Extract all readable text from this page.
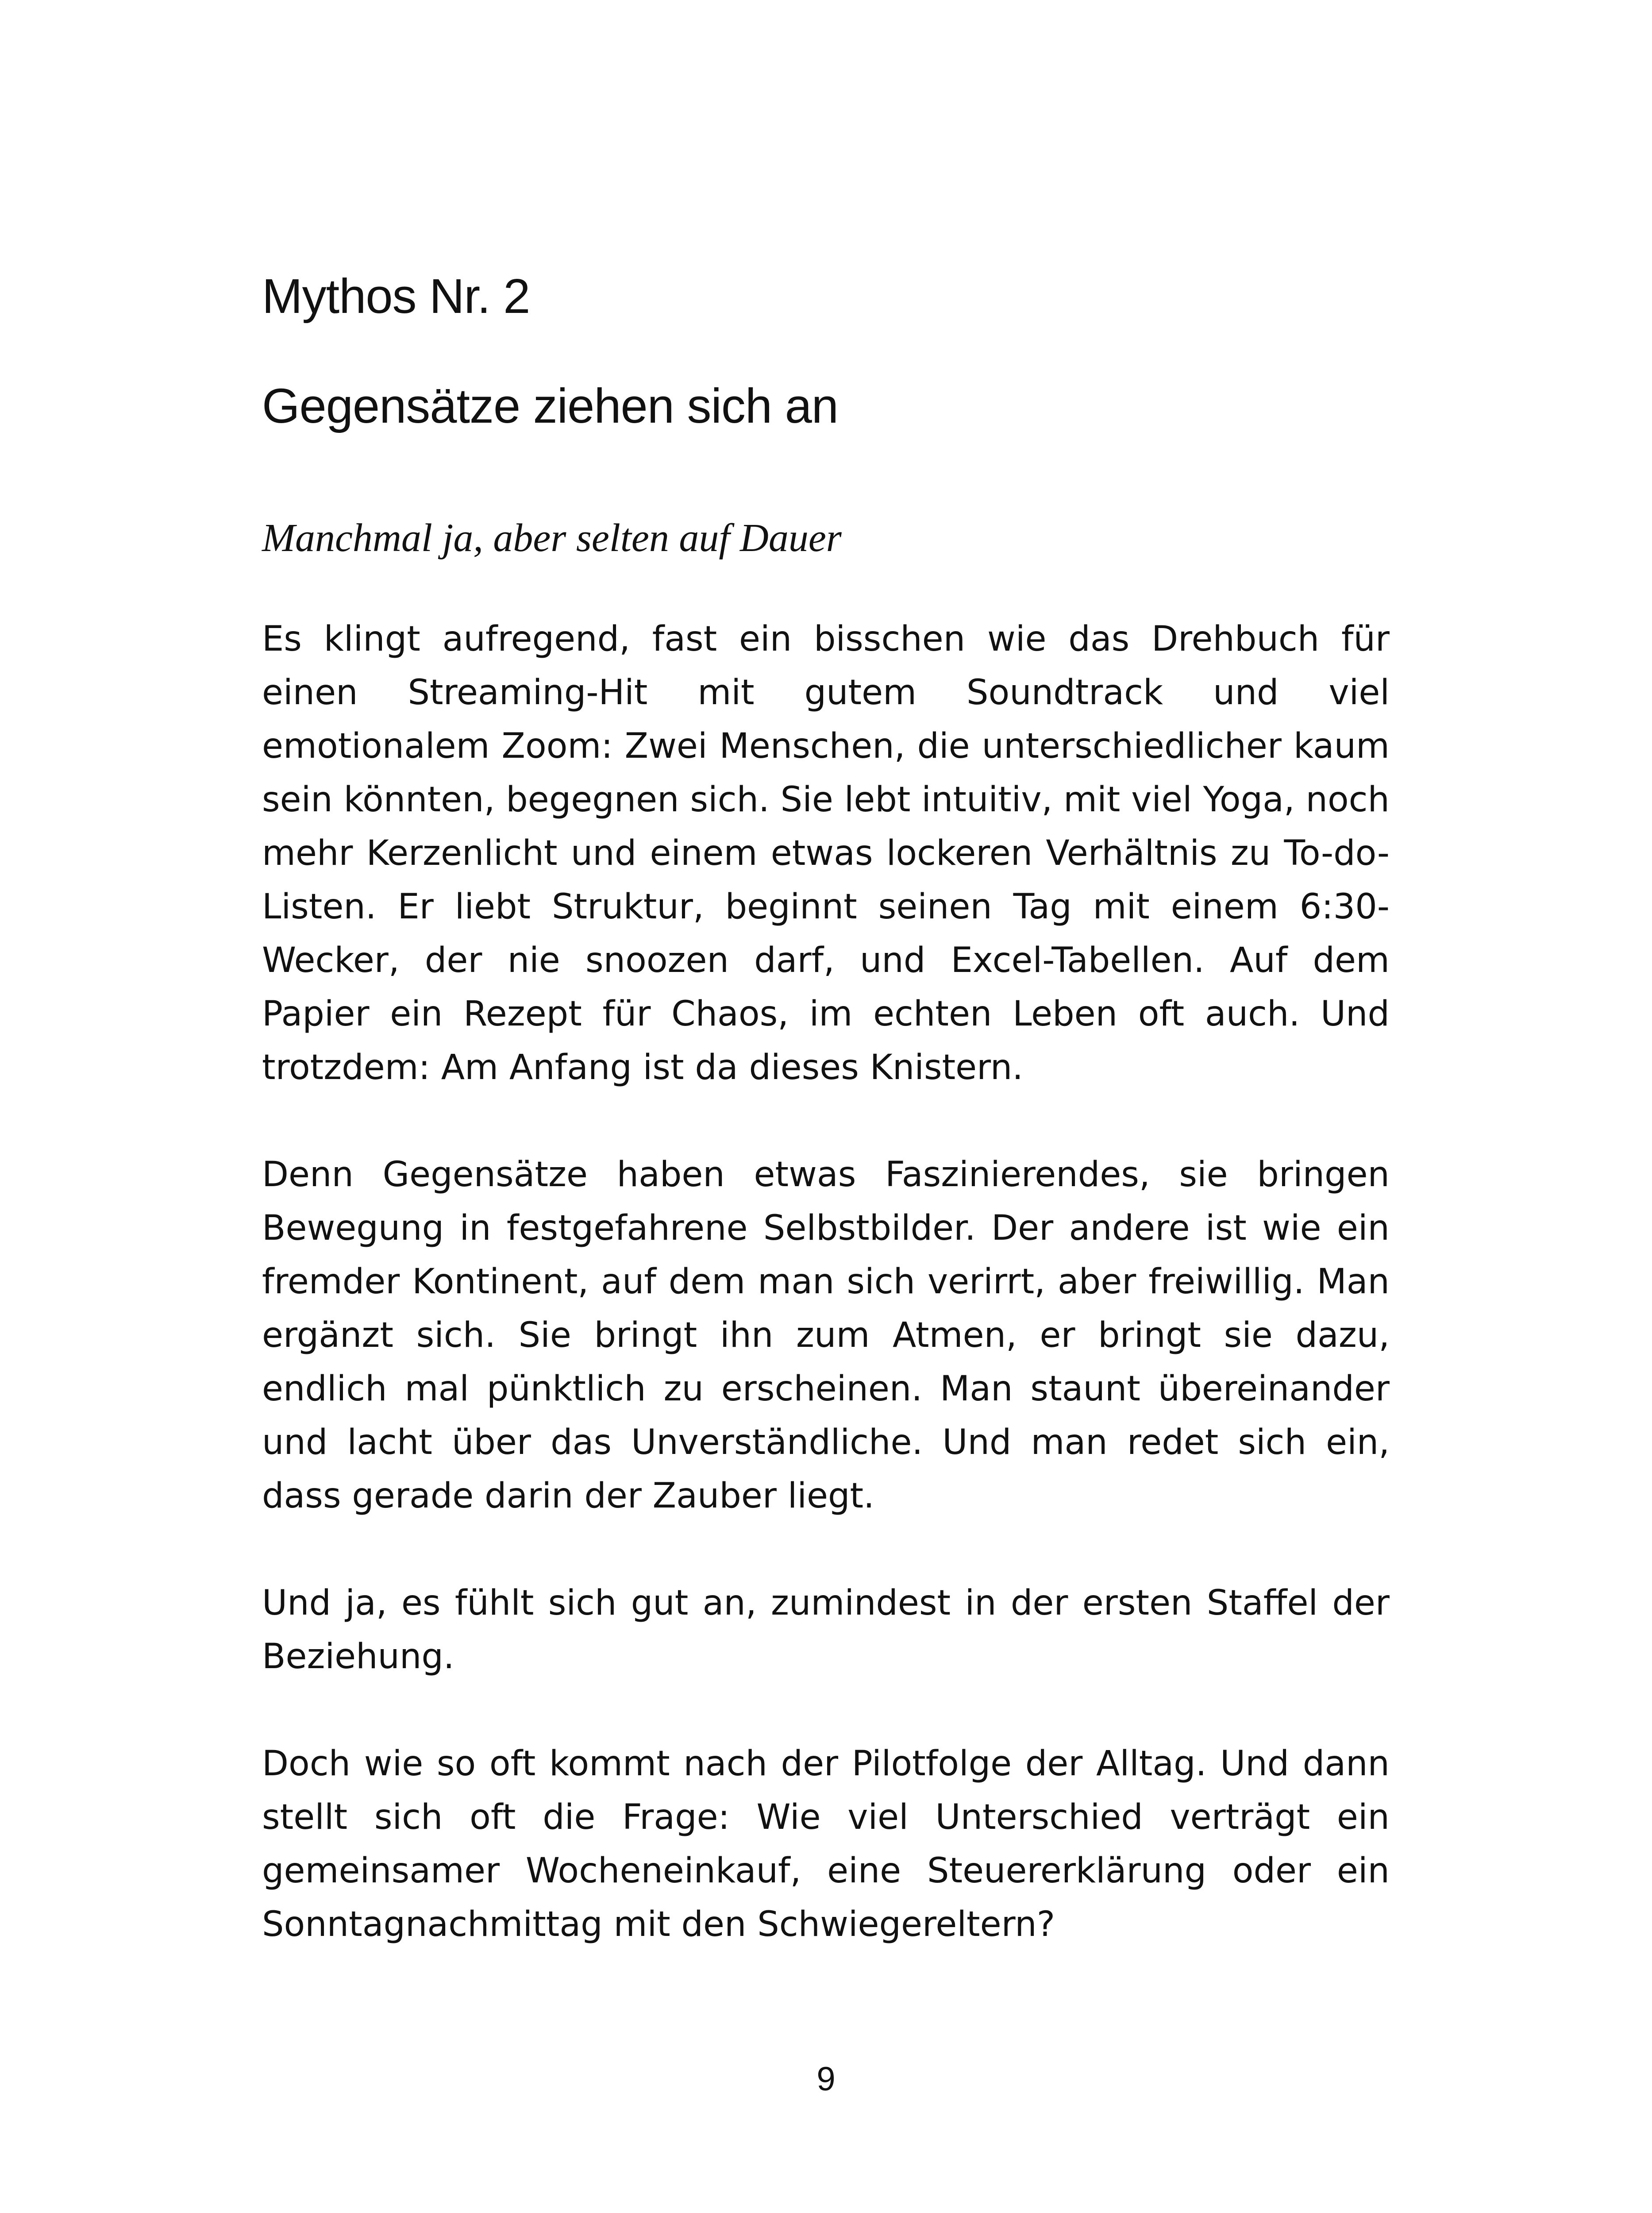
Mythos Nr. 2
Gegensätze ziehen sich an

Manchmal ja, aber selten auf Dauer

Es klingt aufregend, fast ein bisschen wie das Drehbuch für einen Streaming-Hit mit gutem Soundtrack und viel emotionalem Zoom: Zwei Menschen, die unterschiedlicher kaum sein könnten, begegnen sich. Sie lebt intuitiv, mit viel Yoga, noch mehr Kerzenlicht und einem etwas lockeren Verhältnis zu To-do-Listen. Er liebt Struktur, beginnt seinen Tag mit einem 6:30-Wecker, der nie snoozen darf, und Excel-Tabellen. Auf dem Papier ein Rezept für Chaos, im echten Leben oft auch. Und trotzdem: Am Anfang ist da dieses Knistern.

Denn Gegensätze haben etwas Faszinierendes, sie bringen Bewegung in festgefahrene Selbstbilder. Der andere ist wie ein fremder Kontinent, auf dem man sich verirrt, aber freiwillig. Man ergänzt sich. Sie bringt ihn zum Atmen, er bringt sie dazu, endlich mal pünktlich zu erscheinen. Man staunt übereinander und lacht über das Unverständliche. Und man redet sich ein, dass gerade darin der Zauber liegt.

Und ja, es fühlt sich gut an, zumindest in der ersten Staffel der Beziehung.

Doch wie so oft kommt nach der Pilotfolge der Alltag. Und dann stellt sich oft die Frage: Wie viel Unterschied verträgt ein gemeinsamer Wocheneinkauf, eine Steuererklärung oder ein Sonntagnachmittag mit den Schwiegereltern?

9
